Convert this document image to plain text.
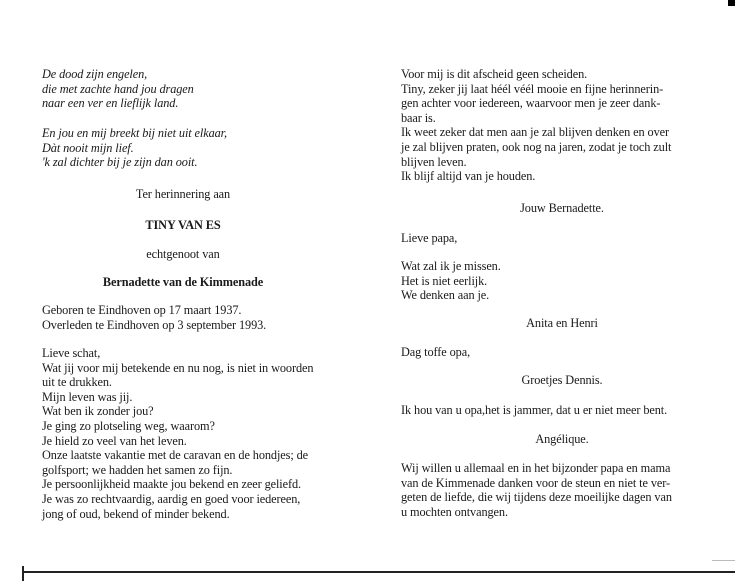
De dood zijn engelen,
die met zachte hand jou dragen
naar een ver en lieflijk land.
En jou en mij breekt bij niet uit elkaar,
Dàt nooit mijn lief.
'k zal dichter bij je zijn dan ooit.
Ter herinnering aan
TINY VAN ES
echtgenoot van
Bernadette van de Kimmenade
Geboren te Eindhoven op 17 maart 1937.
Overleden te Eindhoven op 3 september 1993.
Lieve schat,
Wat jij voor mij betekende en nu nog, is niet in woorden
uit te drukken.
Mijn leven was jij.
Wat ben ik zonder jou?
Je ging zo plotseling weg, waarom?
Je hield zo veel van het leven.
Onze laatste vakantie met de caravan en de hondjes; de
golfsport; we hadden het samen zo fijn.
Je persoonlijkheid maakte jou bekend en zeer geliefd.
Je was zo rechtvaardig, aardig en goed voor iedereen,
jong of oud, bekend of minder bekend.
Voor mij is dit afscheid geen scheiden.
Tiny, zeker jij laat héél véél mooie en fijne herinnerin-
gen achter voor iedereen, waarvoor men je zeer dank-
baar is.
Ik weet zeker dat men aan je zal blijven denken en over
je zal blijven praten, ook nog na jaren, zodat je toch zult
blijven leven.
Ik blijf altijd van je houden.
Jouw Bernadette.
Lieve papa,
Wat zal ik je missen.
Het is niet eerlijk.
We denken aan je.
Anita en Henri
Dag toffe opa,
Groetjes Dennis.
Ik hou van u opa,het is jammer, dat u er niet meer bent.
Angélique.
Wij willen u allemaal en in het bijzonder papa en mama
van de Kimmenade danken voor de steun en niet te ver-
geten de liefde, die wij tijdens deze moeilijke dagen van
u mochten ontvangen.
